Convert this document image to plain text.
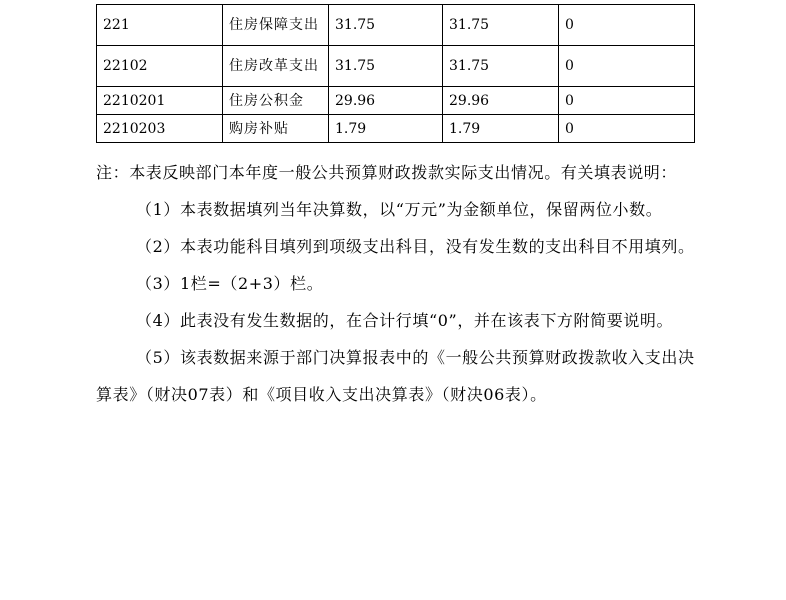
221	住房保障支出	31.75	31.75	0
22102	住房改革支出	31.75	31.75	0
2210201	住房公积金	29.96	29.96	0
2210203	购房补贴	1.79	1.79	0

注：本表反映部门本年度一般公共预算财政拨款实际支出情况。有关填表说明：

（1）本表数据填列当年决算数，以“万元”为金额单位，保留两位小数。

（2）本表功能科目填列到项级支出科目，没有发生数的支出科目不用填列。

（3）1栏=（2+3）栏。

（4）此表没有发生数据的，在合计行填“0”，并在该表下方附简要说明。

（5）该表数据来源于部门决算报表中的《一般公共预算财政拨款收入支出决算表》（财决07表）和《项目收入支出决算表》（财决06表）。
